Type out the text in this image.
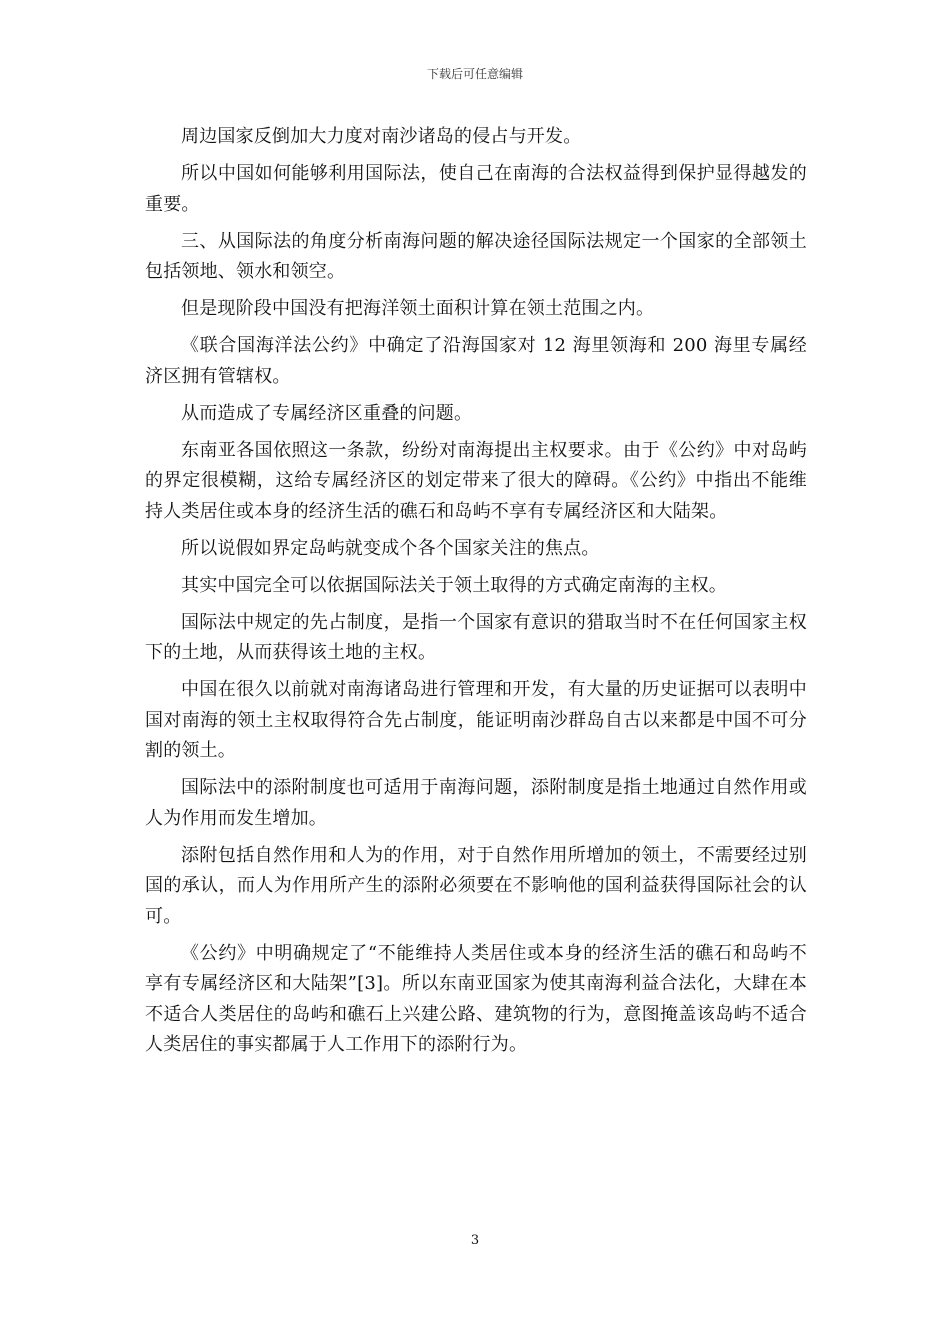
下载后可任意编辑

周边国家反倒加大力度对南沙诸岛的侵占与开发。

所以中国如何能够利用国际法，使自己在南海的合法权益得到保护显得越发的重要。

三、从国际法的角度分析南海问题的解决途径国际法规定一个国家的全部领土包括领地、领水和领空。

但是现阶段中国没有把海洋领土面积计算在领土范围之内。

《联合国海洋法公约》中确定了沿海国家对 12 海里领海和 200 海里专属经济区拥有管辖权。

从而造成了专属经济区重叠的问题。

东南亚各国依照这一条款，纷纷对南海提出主权要求。由于《公约》中对岛屿的界定很模糊，这给专属经济区的划定带来了很大的障碍。《公约》中指出不能维持人类居住或本身的经济生活的礁石和岛屿不享有专属经济区和大陆架。

所以说假如界定岛屿就变成个各个国家关注的焦点。

其实中国完全可以依据国际法关于领土取得的方式确定南海的主权。

国际法中规定的先占制度，是指一个国家有意识的猎取当时不在任何国家主权下的土地，从而获得该土地的主权。

中国在很久以前就对南海诸岛进行管理和开发，有大量的历史证据可以表明中国对南海的领土主权取得符合先占制度，能证明南沙群岛自古以来都是中国不可分割的领土。

国际法中的添附制度也可适用于南海问题，添附制度是指土地通过自然作用或人为作用而发生增加。

添附包括自然作用和人为的作用，对于自然作用所增加的领土，不需要经过别国的承认，而人为作用所产生的添附必须要在不影响他的国利益获得国际社会的认可。

《公约》中明确规定了“不能维持人类居住或本身的经济生活的礁石和岛屿不享有专属经济区和大陆架”[3]。所以东南亚国家为使其南海利益合法化，大肆在本不适合人类居住的岛屿和礁石上兴建公路、建筑物的行为，意图掩盖该岛屿不适合人类居住的事实都属于人工作用下的添附行为。

3
